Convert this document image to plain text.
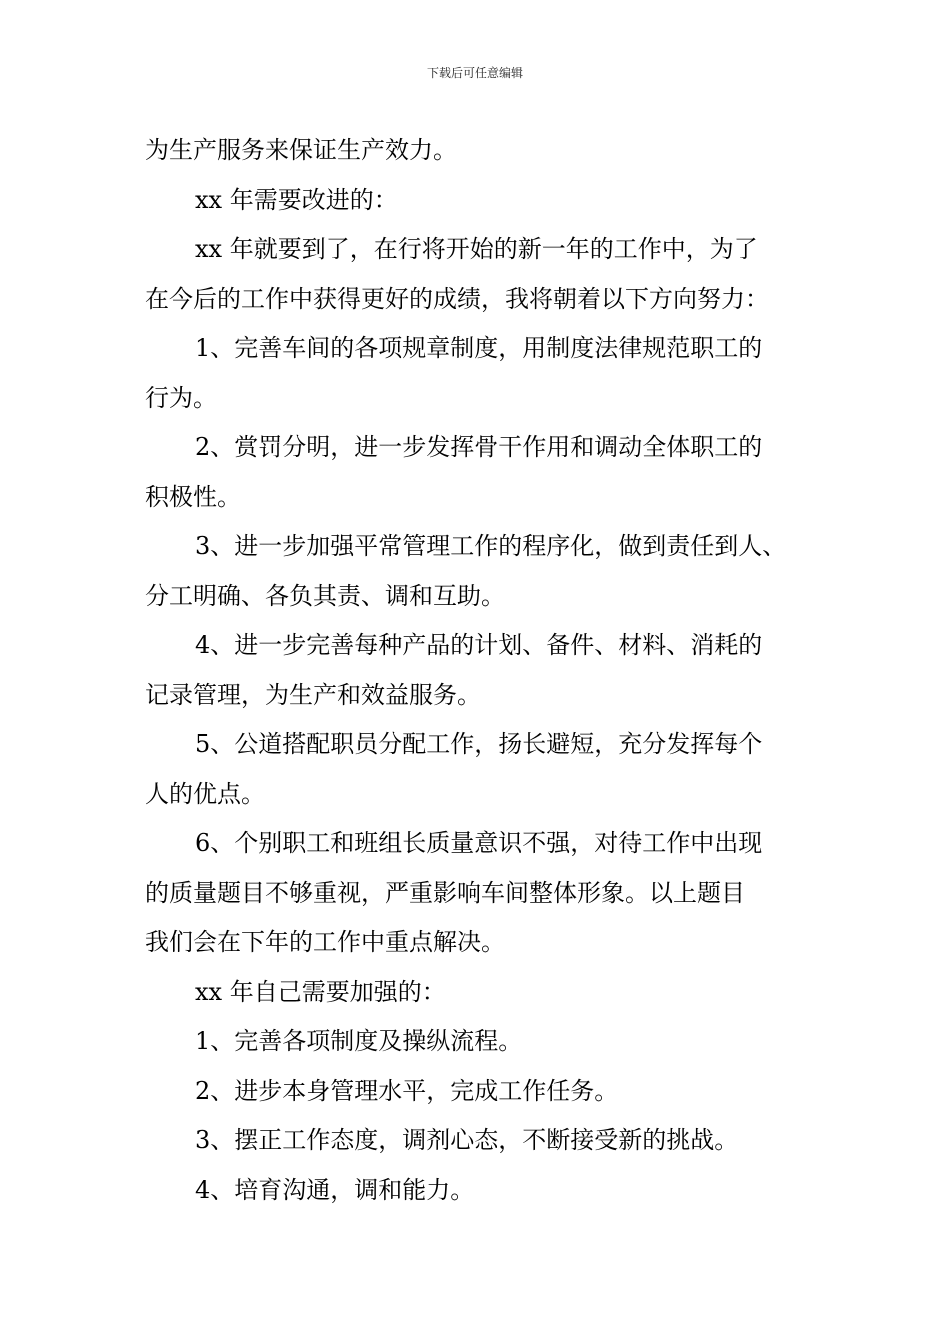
下载后可任意编辑
为生产服务来保证生产效力。
xx 年需要改进的：
xx 年就要到了，在行将开始的新一年的工作中，为了
在今后的工作中获得更好的成绩，我将朝着以下方向努力：
1、完善车间的各项规章制度，用制度法律规范职工的
行为。
2、赏罚分明，进一步发挥骨干作用和调动全体职工的
积极性。
3、进一步加强平常管理工作的程序化，做到责任到人、
分工明确、各负其责、调和互助。
4、进一步完善每种产品的计划、备件、材料、消耗的
记录管理，为生产和效益服务。
5、公道搭配职员分配工作，扬长避短，充分发挥每个
人的优点。
6、个别职工和班组长质量意识不强，对待工作中出现
的质量题目不够重视，严重影响车间整体形象。以上题目
我们会在下年的工作中重点解决。
xx 年自己需要加强的：
1、完善各项制度及操纵流程。
2、进步本身管理水平，完成工作任务。
3、摆正工作态度，调剂心态，不断接受新的挑战。
4、培育沟通，调和能力。
